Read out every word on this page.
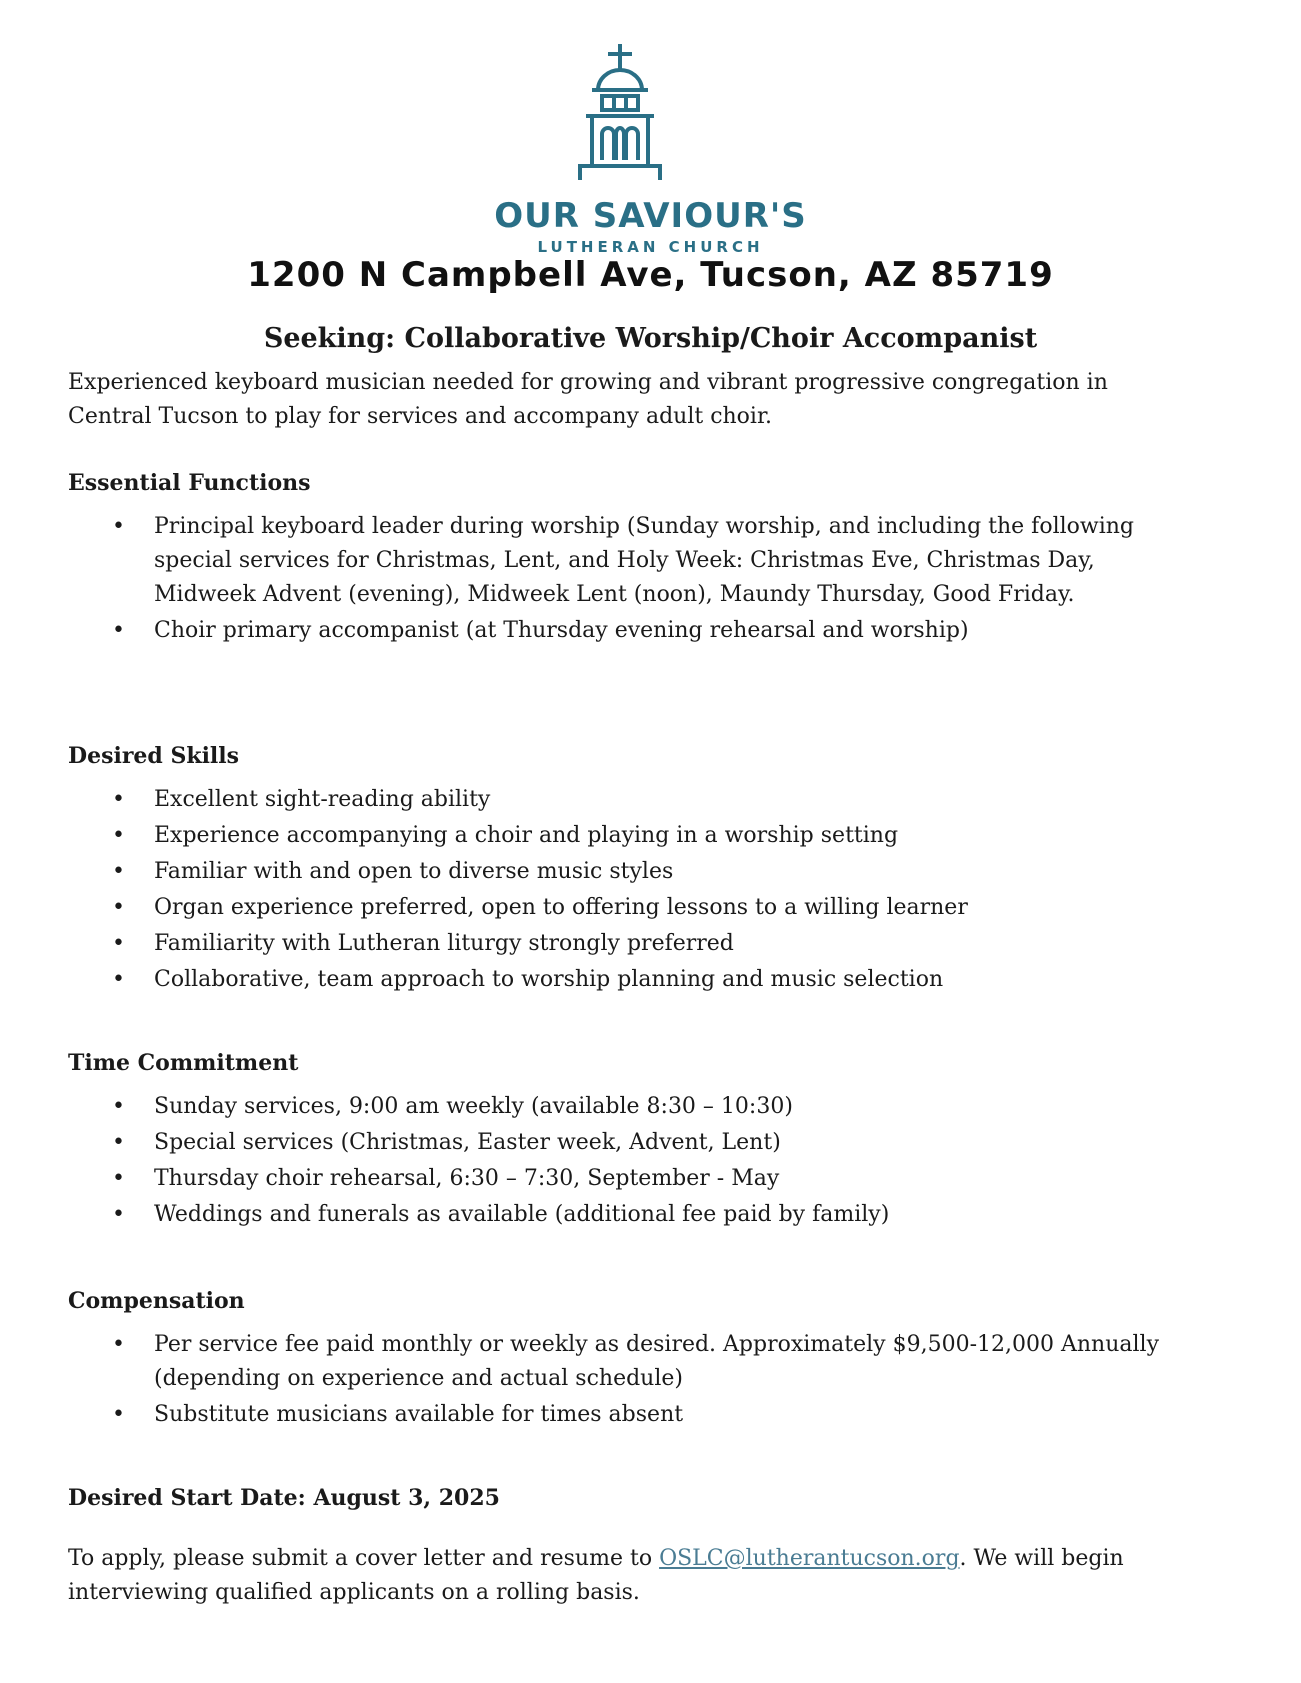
OUR SAVIOUR'S
LUTHERAN CHURCH
1200 N Campbell Ave, Tucson, AZ 85719
Seeking: Collaborative Worship/Choir Accompanist

Experienced keyboard musician needed for growing and vibrant progressive congregation in Central Tucson to play for services and accompany adult choir.

Essential Functions

• Principal keyboard leader during worship (Sunday worship, and including the following special services for Christmas, Lent, and Holy Week: Christmas Eve, Christmas Day, Midweek Advent (evening), Midweek Lent (noon), Maundy Thursday, Good Friday.
• Choir primary accompanist (at Thursday evening rehearsal and worship)

Desired Skills

• Excellent sight-reading ability
• Experience accompanying a choir and playing in a worship setting
• Familiar with and open to diverse music styles
• Organ experience preferred, open to offering lessons to a willing learner
• Familiarity with Lutheran liturgy strongly preferred
• Collaborative, team approach to worship planning and music selection

Time Commitment

• Sunday services, 9:00 am weekly (available 8:30 – 10:30)
• Special services (Christmas, Easter week, Advent, Lent)
• Thursday choir rehearsal, 6:30 – 7:30, September - May
• Weddings and funerals as available (additional fee paid by family)

Compensation

• Per service fee paid monthly or weekly as desired. Approximately $9,500-12,000 Annually (depending on experience and actual schedule)
• Substitute musicians available for times absent

Desired Start Date: August 3, 2025

To apply, please submit a cover letter and resume to OSLC@lutherantucson.org. We will begin interviewing qualified applicants on a rolling basis.
